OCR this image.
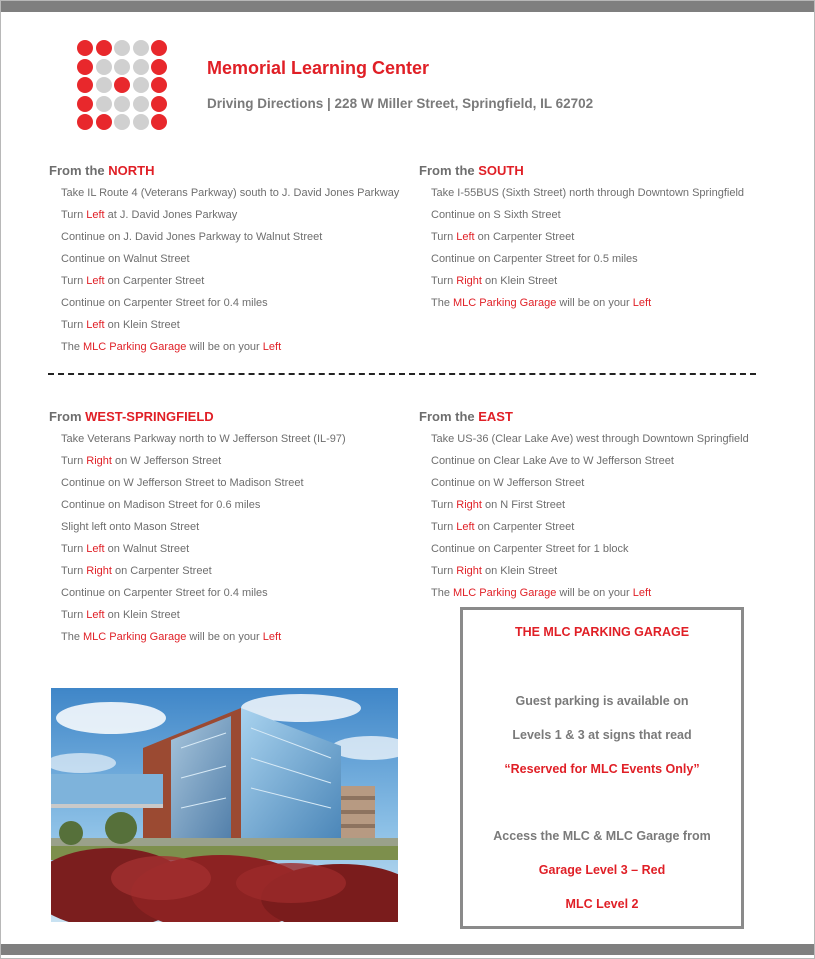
Memorial Learning Center
Driving Directions | 228 W Miller Street, Springfield, IL 62702
From the NORTH
Take IL Route 4 (Veterans Parkway) south to J. David Jones Parkway
Turn Left at J. David Jones Parkway
Continue on J. David Jones Parkway to Walnut Street
Continue on Walnut Street
Turn Left on Carpenter Street
Continue on Carpenter Street for 0.4 miles
Turn Left on Klein Street
The MLC Parking Garage will be on your Left
From the SOUTH
Take I-55BUS (Sixth Street) north through Downtown Springfield
Continue on S Sixth Street
Turn Left on Carpenter Street
Continue on Carpenter Street for 0.5 miles
Turn Right on Klein Street
The MLC Parking Garage will be on your Left
From WEST-SPRINGFIELD
Take Veterans Parkway north to W Jefferson Street (IL-97)
Turn Right on W Jefferson Street
Continue on W Jefferson Street to Madison Street
Continue on Madison Street for 0.6 miles
Slight left onto Mason Street
Turn Left on Walnut Street
Turn Right on Carpenter Street
Continue on Carpenter Street for 0.4 miles
Turn Left on Klein Street
The MLC Parking Garage will be on your Left
From the EAST
Take US-36 (Clear Lake Ave) west through Downtown Springfield
Continue on Clear Lake Ave to W Jefferson Street
Continue on W Jefferson Street
Turn Right on N First Street
Turn Left on Carpenter Street
Continue on Carpenter Street for 1 block
Turn Right on Klein Street
The MLC Parking Garage will be on your Left
THE MLC PARKING GARAGE
Guest parking is available on
Levels 1 & 3 at signs that read
“Reserved for MLC Events Only”
Access the MLC & MLC Garage from
Garage Level 3 – Red
MLC Level 2
